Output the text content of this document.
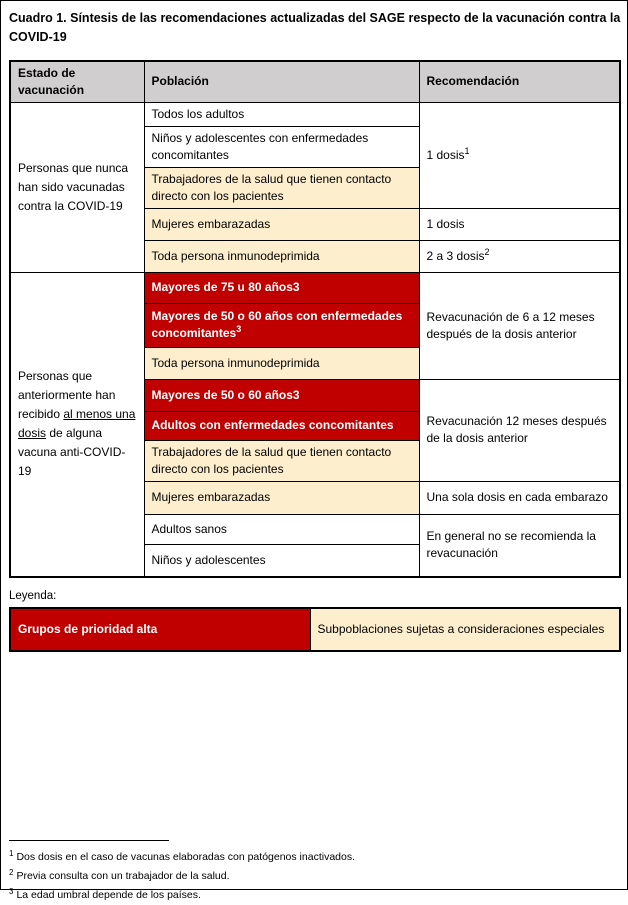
Cuadro 1. Síntesis de las recomendaciones actualizadas del SAGE respecto de la vacunación contra la COVID-19
Estado de vacunación	Población	Recomendación
Personas que nunca han sido vacunadas contra la COVID-19	Todos los adultos	1 dosis$^1$
	Niños y adolescentes con enfermedades concomitantes	
	Trabajadores de la salud que tienen contacto directo con los pacientes	
	Mujeres embarazadas	1 dosis
	Toda persona inmunodeprimida	2 a 3 dosis$^2$
Personas que anteriormente han recibido al menos una dosis de alguna vacuna anti-COVID-19	Mayores de 75 u 80 años3	Revacunación de 6 a 12 meses después de la dosis anterior
	Mayores de 50 o 60 años con enfermedades concomitantes$^3$
	Toda persona inmunodeprimida	
	Mayores de 50 o 60 años3	Revacunación 12 meses después de la dosis anterior
	Adultos con enfermedades concomitantes	
	Trabajadores de la salud que tienen contacto directo con los pacientes	
	Mujeres embarazadas	Una sola dosis en cada embarazo
	Adultos sanos	En general no se recomienda la revacunación
	Niños y adolescentes	
Leyenda:
Grupos de prioridad alta	Subpoblaciones sujetas a consideraciones especiales
$^1$ Dos dosis en el caso de vacunas elaboradas con patógenos inactivados.
$^2$ Previa consulta con un trabajador de la salud.
$^3$ La edad umbral depende de los países.
